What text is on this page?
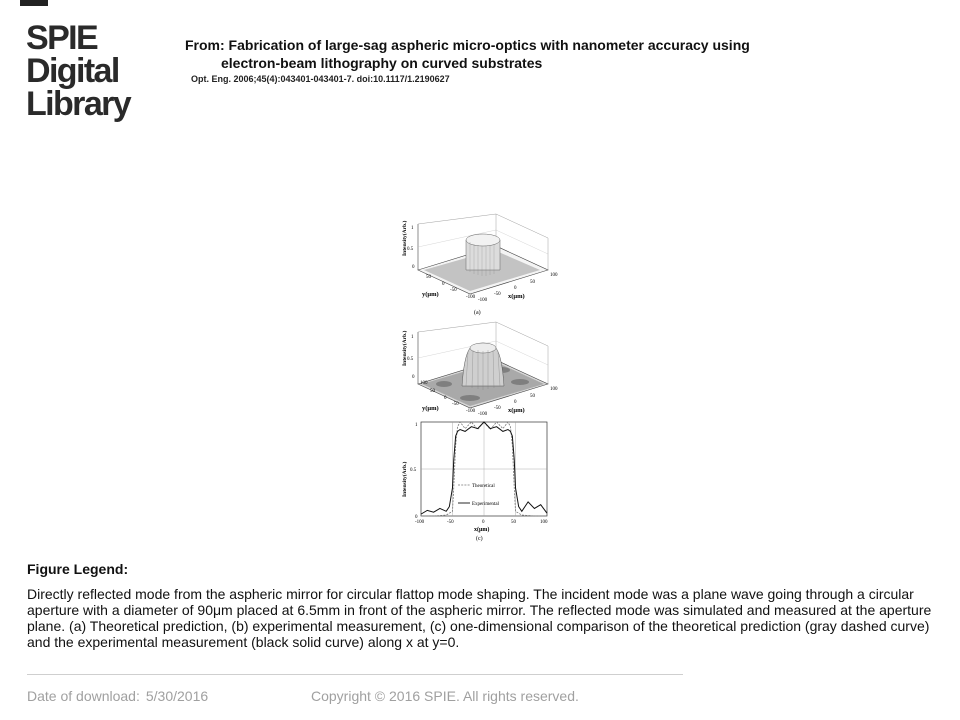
SPIE
Digital
Library
From: Fabrication of large-sag aspheric micro-optics with nanometer accuracy using
electron-beam lithography on curved substrates
Opt. Eng. 2006;45(4):043401-043401-7. doi:10.1117/1.2190627
Intensity(Arb.) 1
0.5
0
50
0
-50
-100
100
50
0
-50
-100
y(μm)	x(μm)
(a)
Intensity(Arb.) 1
0.5
0
100
50
0
-50
-100
100
50
0
-50
-100
y(μm)	x(μm)
Theoretical
Experimental
Intensity(Arb.)
1
0.5
0
-100	-50	0	50	100
x(μm)
(c)
Figure Legend:
Directly reflected mode from the aspheric mirror for circular flattop mode shaping. The incident mode was a plane wave going through a circular aperture with a diameter of 90μm placed at 6.5mm in front of the aspheric mirror. The reflected mode was simulated and measured at the aperture plane. (a) Theoretical prediction, (b) experimental measurement, (c) one-dimensional comparison of the theoretical prediction (gray dashed curve) and the experimental measurement (black solid curve) along x at y=0.
Date of download: 5/30/2016	Copyright © 2016 SPIE. All rights reserved.
